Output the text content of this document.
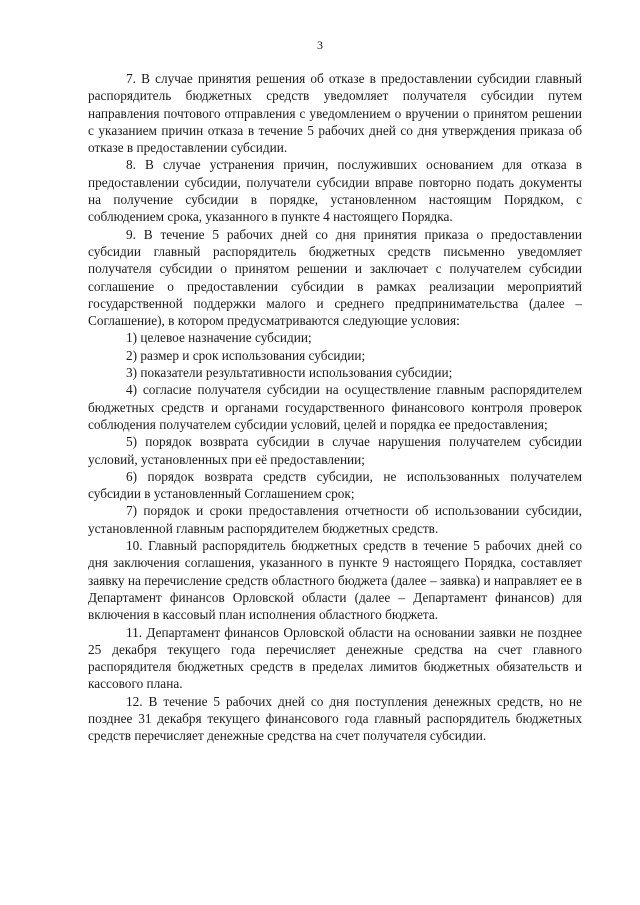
3

7. В случае принятия решения об отказе в предоставлении субсидии главный распорядитель бюджетных средств уведомляет получателя субсидии путем направления почтового отправления с уведомлением о вручении о принятом решении с указанием причин отказа в течение 5 рабочих дней со дня утверждения приказа об отказе в предоставлении субсидии.

8. В случае устранения причин, послуживших основанием для отказа в предоставлении субсидии, получатели субсидии вправе повторно подать документы на получение субсидии в порядке, установленном настоящим Порядком, с соблюдением срока, указанного в пункте 4 настоящего Порядка.

9. В течение 5 рабочих дней со дня принятия приказа о предоставлении субсидии главный распорядитель бюджетных средств письменно уведомляет получателя субсидии о принятом решении и заключает с получателем субсидии соглашение о предоставлении субсидии в рамках реализации мероприятий государственной поддержки малого и среднего предпринимательства (далее – Соглашение), в котором предусматриваются следующие условия:

1) целевое назначение субсидии;

2) размер и срок использования субсидии;

3) показатели результативности использования субсидии;

4) согласие получателя субсидии на осуществление главным распорядителем бюджетных средств и органами государственного финансового контроля проверок соблюдения получателем субсидии условий, целей и порядка ее предоставления;

5) порядок возврата субсидии в случае нарушения получателем субсидии условий, установленных при её предоставлении;

6) порядок возврата средств субсидии, не использованных получателем субсидии в установленный Соглашением срок;

7) порядок и сроки предоставления отчетности об использовании субсидии, установленной главным распорядителем бюджетных средств.

10. Главный распорядитель бюджетных средств в течение 5 рабочих дней со дня заключения соглашения, указанного в пункте 9 настоящего Порядка, составляет заявку на перечисление средств областного бюджета (далее – заявка) и направляет ее в Департамент финансов Орловской области (далее – Департамент финансов) для включения в кассовый план исполнения областного бюджета.

11. Департамент финансов Орловской области на основании заявки не позднее 25 декабря текущего года перечисляет денежные средства на счет главного распорядителя бюджетных средств в пределах лимитов бюджетных обязательств и кассового плана.

12. В течение 5 рабочих дней со дня поступления денежных средств, но не позднее 31 декабря текущего финансового года главный распорядитель бюджетных средств перечисляет денежные средства на счет получателя субсидии.
